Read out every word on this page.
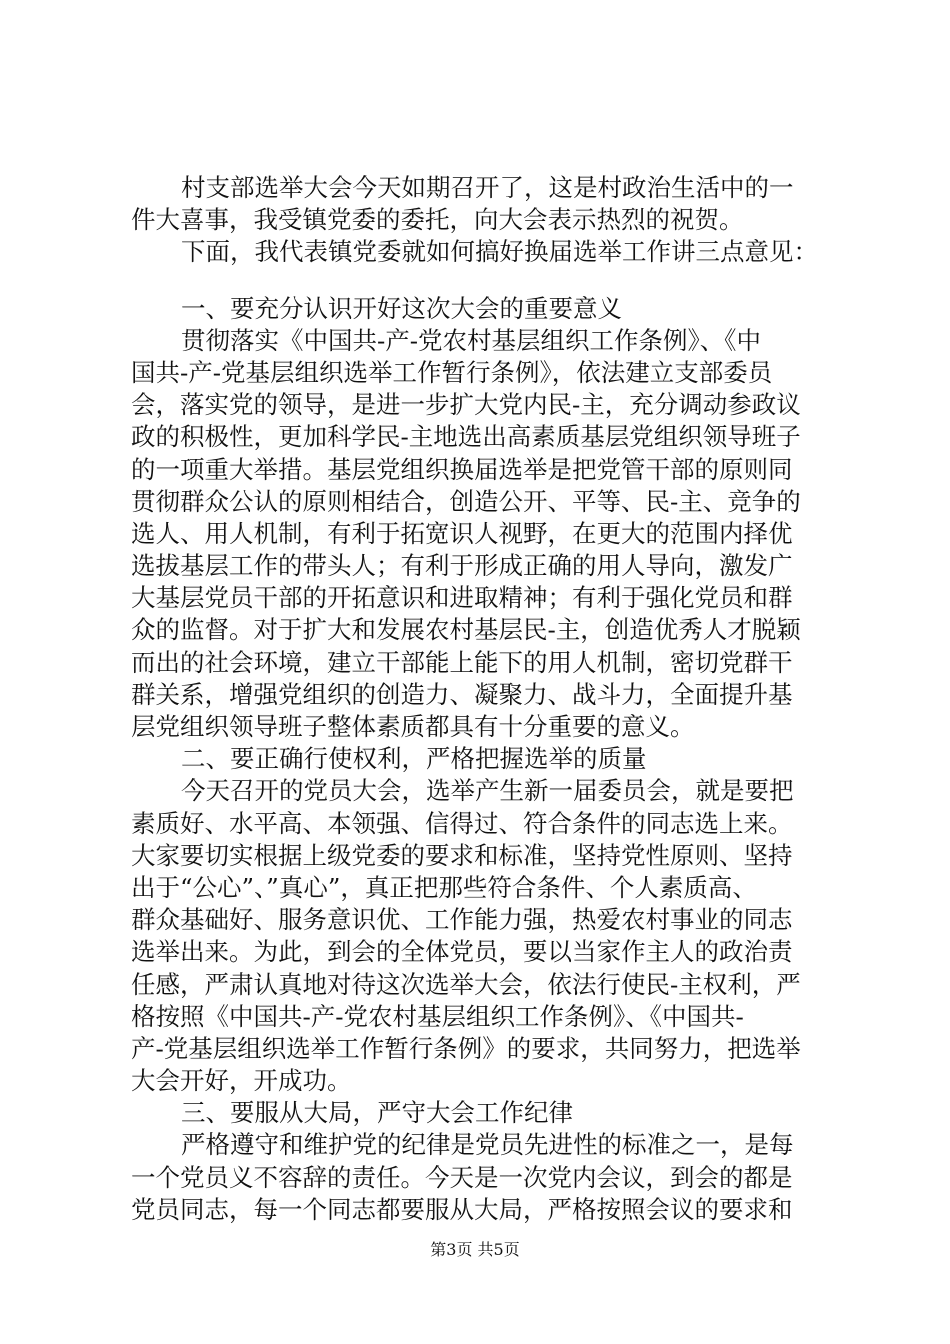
村支部选举大会今天如期召开了，这是村政治生活中的一
件大喜事，我受镇党委的委托，向大会表示热烈的祝贺。
下面，我代表镇党委就如何搞好换届选举工作讲三点意见：
一、要充分认识开好这次大会的重要意义
贯彻落实《中国共-产-党农村基层组织工作条例》、《中
国共-产-党基层组织选举工作暂行条例》，依法建立支部委员
会，落实党的领导，是进一步扩大党内民-主，充分调动参政议
政的积极性，更加科学民-主地选出高素质基层党组织领导班子
的一项重大举措。基层党组织换届选举是把党管干部的原则同
贯彻群众公认的原则相结合，创造公开、平等、民-主、竞争的
选人、用人机制，有利于拓宽识人视野，在更大的范围内择优
选拔基层工作的带头人；有利于形成正确的用人导向，激发广
大基层党员干部的开拓意识和进取精神；有利于强化党员和群
众的监督。对于扩大和发展农村基层民-主，创造优秀人才脱颖
而出的社会环境，建立干部能上能下的用人机制，密切党群干
群关系，增强党组织的创造力、凝聚力、战斗力，全面提升基
层党组织领导班子整体素质都具有十分重要的意义。
二、要正确行使权利，严格把握选举的质量
今天召开的党员大会，选举产生新一届委员会，就是要把
素质好、水平高、本领强、信得过、符合条件的同志选上来。
大家要切实根据上级党委的要求和标准，坚持党性原则、坚持
出于“公心”、”真心”，真正把那些符合条件、个人素质高、
群众基础好、服务意识优、工作能力强，热爱农村事业的同志
选举出来。为此，到会的全体党员，要以当家作主人的政治责
任感，严肃认真地对待这次选举大会，依法行使民-主权利，严
格按照《中国共-产-党农村基层组织工作条例》、《中国共-
产-党基层组织选举工作暂行条例》的要求，共同努力，把选举
大会开好，开成功。
三、要服从大局，严守大会工作纪律
严格遵守和维护党的纪律是党员先进性的标准之一，是每
一个党员义不容辞的责任。今天是一次党内会议，到会的都是
党员同志，每一个同志都要服从大局，严格按照会议的要求和
第3页 共5页
